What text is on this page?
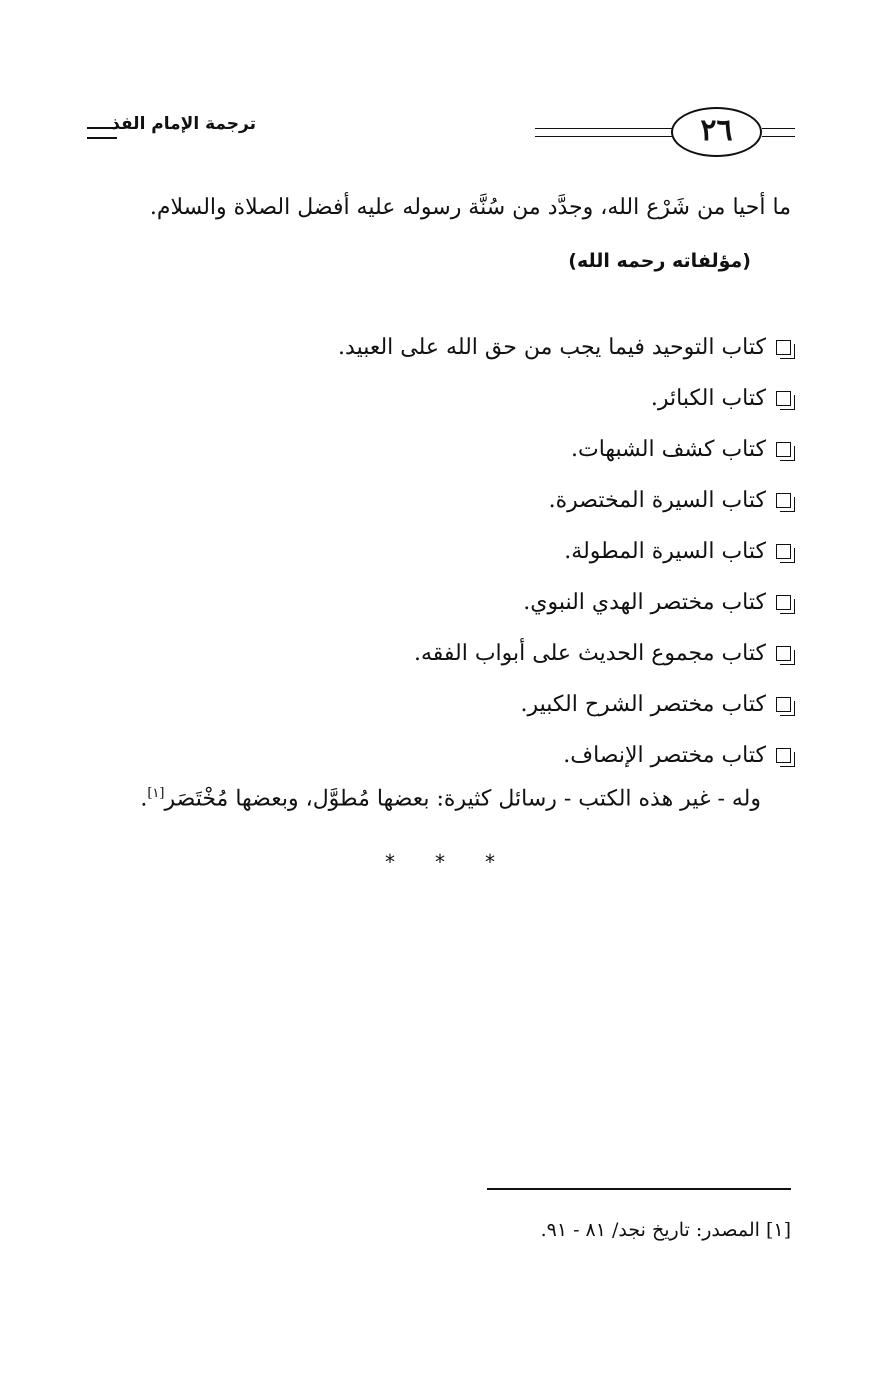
ترجمة الإمام الفذ	٢٦
ما أحيا من شَرْع الله، وجدَّد من سُنَّة رسوله عليه أفضل الصلاة والسلام.
(مؤلفاته رحمه الله)
كتاب التوحيد فيما يجب من حق الله على العبيد.
كتاب الكبائر.
كتاب كشف الشبهات.
كتاب السيرة المختصرة.
كتاب السيرة المطولة.
كتاب مختصر الهدي النبوي.
كتاب مجموع الحديث على أبواب الفقه.
كتاب مختصر الشرح الكبير.
كتاب مختصر الإنصاف.
وله - غير هذه الكتب - رسائل كثيرة: بعضها مُطوَّل، وبعضها مُخْتَصَر[١].
* * *
[١] المصدر: تاريخ نجد/ ٨١ - ٩١.
